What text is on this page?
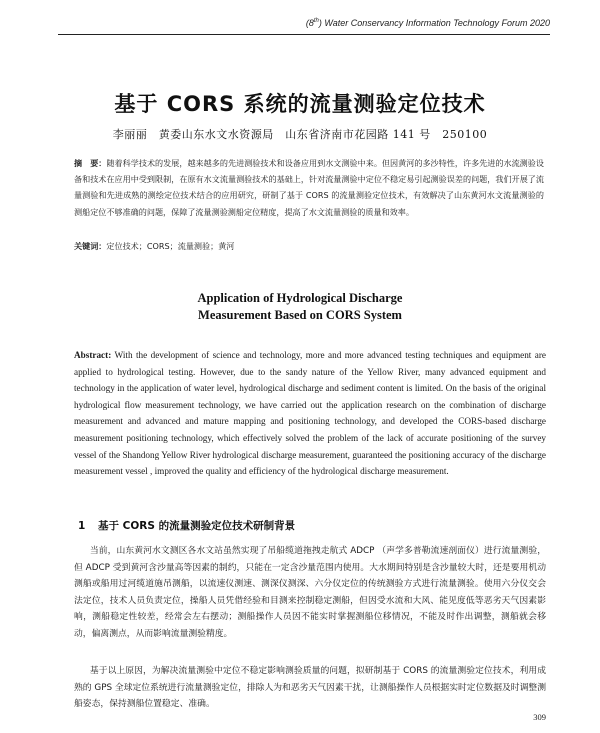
(8th) Water Conservancy Information Technology Forum 2020
基于 CORS 系统的流量测验定位技术
李丽丽　黄委山东水文水资源局　山东省济南市花园路 141 号　250100
摘　要：随着科学技术的发展，越来越多的先进测验技术和设备应用到水文测验中来。但因黄河的多沙特性，许多先进的水流测验设备和技术在应用中受到限制，在原有水文流量测验技术的基础上，针对流量测验中定位不稳定易引起测验误差的问题，我们开展了流量测验和先进成熟的测绘定位技术结合的应用研究，研制了基于 CORS 的流量测验定位技术，有效解决了山东黄河水文流量测验的测船定位不够准确的问题，保障了流量测验测船定位精度，提高了水文流量测验的质量和效率。
关键词：定位技术；CORS；流量测验；黄河
Application of Hydrological Discharge
Measurement Based on CORS System
Abstract: With the development of science and technology, more and more advanced testing techniques and equipment are applied to hydrological testing. However, due to the sandy nature of the Yellow River, many advanced equipment and technology in the application of water level, hydrological discharge and sediment content is limited. On the basis of the original hydrological flow measurement technology, we have carried out the application research on the combination of discharge measurement and advanced and mature mapping and positioning technology, and developed the CORS-based discharge measurement positioning technology, which effectively solved the problem of the lack of accurate positioning of the survey vessel of the Shandong Yellow River hydrological discharge measurement, guaranteed the positioning accuracy of the discharge measurement vessel , improved the quality and efficiency of the hydrological discharge measurement.
1 基于 CORS 的流量测验定位技术研制背景
当前，山东黄河水文测区各水文站虽然实现了吊船缆道拖拽走航式 ADCP （声学多普勒流速剖面仪）进行流量测验，但 ADCP 受到黄河含沙量高等因素的制约，只能在一定含沙量范围内使用。大水期间特别是含沙量较大时，还是要用机动测船或船用过河缆道施吊测船，以流速仪测速、测深仪测深、六分仪定位的传统测验方式进行流量测验。使用六分仪交会法定位，技术人员负责定位，操船人员凭借经验和目测来控制稳定测船，但因受水流和大风、能见度低等恶劣天气因素影响，测船稳定性较差，经常会左右摆动；测船操作人员因不能实时掌握测船位移情况，不能及时作出调整，测船就会移动，偏离测点，从而影响流量测验精度。
基于以上原因，为解决流量测验中定位不稳定影响测验质量的问题，拟研制基于 CORS 的流量测验定位技术，利用成熟的 GPS 全球定位系统进行流量测验定位，排除人为和恶劣天气因素干扰，让测船操作人员根据实时定位数据及时调整测船姿态，保持测船位置稳定、准确。
309
